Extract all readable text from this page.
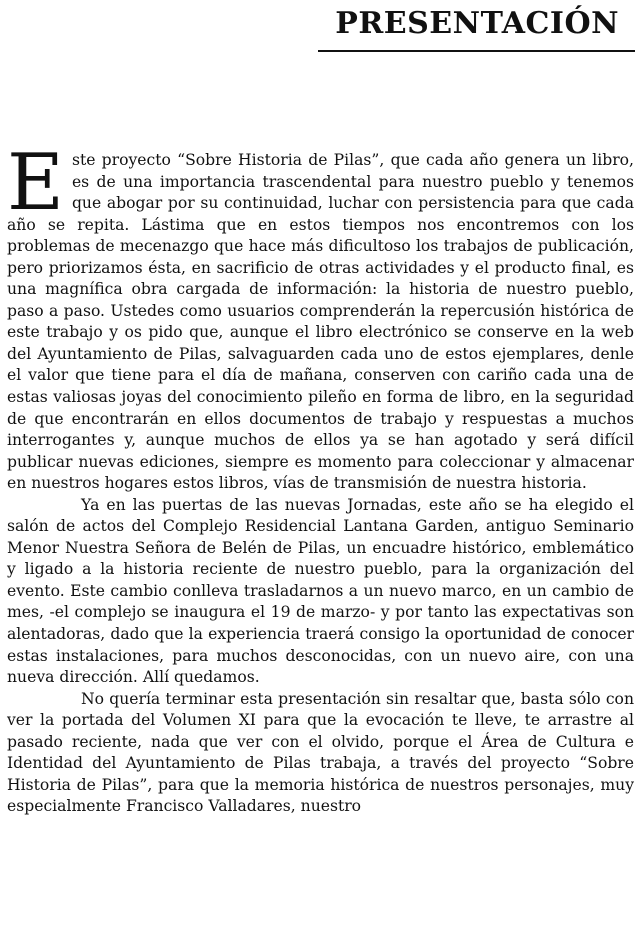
PRESENTACIÓN

Este proyecto “Sobre Historia de Pilas”, que cada año genera un libro, es de una importancia trascendental para nuestro pueblo y tenemos que abogar por su continuidad, luchar con persistencia para que cada año se repita. Lástima que en estos tiempos nos encontremos con los problemas de mecenazgo que hace más dificultoso los trabajos de publicación, pero priorizamos ésta, en sacrificio de otras actividades y el producto final, es una magnífica obra cargada de información: la historia de nuestro pueblo, paso a paso. Ustedes como usuarios comprenderán la repercusión histórica de este trabajo y os pido que, aunque el libro electrónico se conserve en la web del Ayuntamiento de Pilas, salvaguarden cada uno de estos ejemplares, denle el valor que tiene para el día de mañana, conserven con cariño cada una de estas valiosas joyas del conocimiento pileño en forma de libro, en la seguridad de que encontrarán en ellos documentos de trabajo y respuestas a muchos interrogantes y, aunque muchos de ellos ya se han agotado y será difícil publicar nuevas ediciones, siempre es momento para coleccionar y almacenar en nuestros hogares estos libros, vías de transmisión de nuestra historia.

Ya en las puertas de las nuevas Jornadas, este año se ha elegido el salón de actos del Complejo Residencial Lantana Garden, antiguo Seminario Menor Nuestra Señora de Belén de Pilas, un encuadre histórico, emblemático y ligado a la historia reciente de nuestro pueblo, para la organización del evento. Este cambio conlleva trasladarnos a un nuevo marco, en un cambio de mes, -el complejo se inaugura el 19 de marzo- y por tanto las expectativas son alentadoras, dado que la experiencia traerá consigo la oportunidad de conocer estas instalaciones, para muchos desconocidas, con un nuevo aire, con una nueva dirección. Allí quedamos.

No quería terminar esta presentación sin resaltar que, basta sólo con ver la portada del Volumen XI para que la evocación te lleve, te arrastre al pasado reciente, nada que ver con el olvido, porque el Área de Cultura e Identidad del Ayuntamiento de Pilas trabaja, a través del proyecto “Sobre Historia de Pilas”, para que la memoria histórica de nuestros personajes, muy especialmente Francisco Valladares, nuestro
